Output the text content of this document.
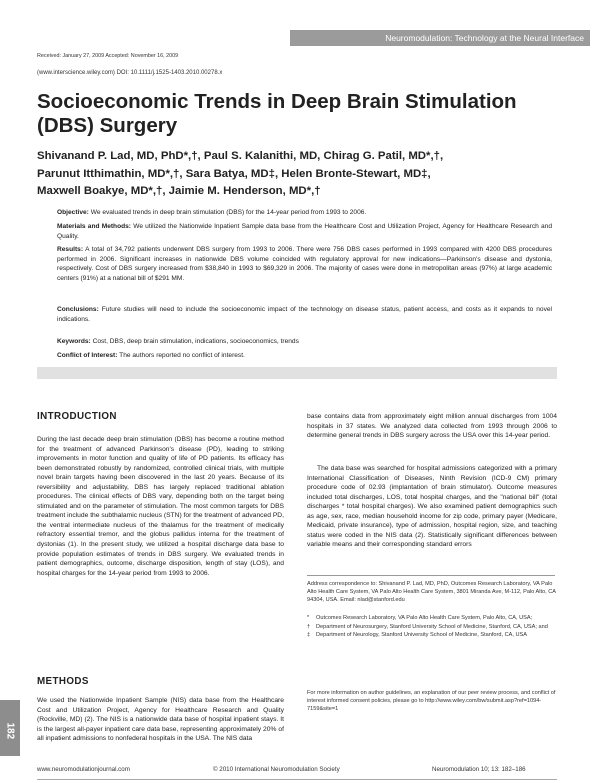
Neuromodulation: Technology at the Neural Interface
Received: January 27, 2009 Accepted: November 16, 2009
(www.interscience.wiley.com) DOI: 10.1111/j.1525-1403.2010.00278.x
Socioeconomic Trends in Deep Brain Stimulation (DBS) Surgery
Shivanand P. Lad, MD, PhD*,†, Paul S. Kalanithi, MD, Chirag G. Patil, MD*,†,
Parunut Itthimathin, MD*,†, Sara Batya, MD‡, Helen Bronte-Stewart, MD‡,
Maxwell Boakye, MD*,†, Jaimie M. Henderson, MD*,†

Objective: We evaluated trends in deep brain stimulation (DBS) for the 14-year period from 1993 to 2006.

Materials and Methods: We utilized the Nationwide Inpatient Sample data base from the Healthcare Cost and Utilization Project, Agency for Healthcare Research and Quality.

Results: A total of 34,792 patients underwent DBS surgery from 1993 to 2006. There were 756 DBS cases performed in 1993 compared with 4200 DBS procedures performed in 2006. Significant increases in nationwide DBS volume coincided with regulatory approval for new indications—Parkinson's disease and dystonia, respectively. Cost of DBS surgery increased from $38,840 in 1993 to $69,329 in 2006. The majority of cases were done in metropolitan areas (97%) at large academic centers (91%) at a national bill of $291 MM.

Conclusions: Future studies will need to include the socioeconomic impact of the technology on disease status, patient access, and costs as it expands to novel indications.

Keywords: Cost, DBS, deep brain stimulation, indications, socioeconomics, trends

Conflict of Interest: The authors reported no conflict of interest.

INTRODUCTION

During the last decade deep brain stimulation (DBS) has become a routine method for the treatment of advanced Parkinson's disease (PD), leading to striking improvements in motor function and quality of life of PD patients. Its efficacy has been demonstrated robustly by randomized, controlled clinical trials, with multiple novel brain targets having been discovered in the last 20 years. Because of its reversibility and adjustability, DBS has largely replaced traditional ablation procedures. The clinical effects of DBS vary, depending both on the target being stimulated and on the parameter of stimulation. The most common targets for DBS treatment include the subthalamic nucleus (STN) for the treatment of advanced PD, the ventral intermediate nucleus of the thalamus for the treatment of medically refractory essential tremor, and the globus pallidus interna for the treatment of dystonias (1). In the present study, we utilized a hospital discharge data base to provide population estimates of trends in DBS surgery. We evaluated trends in patient demographics, outcome, discharge disposition, length of stay (LOS), and hospital charges for the 14-year period from 1993 to 2006.

METHODS

We used the Nationwide Inpatient Sample (NIS) data base from the Healthcare Cost and Utilization Project, Agency for Healthcare Research and Quality (Rockville, MD) (2). The NIS is a nationwide data base of hospital inpatient stays. It is the largest all-payer inpatient care data base, representing approximately 20% of all inpatient admissions to nonfederal hospitals in the USA. The NIS data

base contains data from approximately eight million annual discharges from 1004 hospitals in 37 states. We analyzed data collected from 1993 through 2006 to determine general trends in DBS surgery across the USA over this 14-year period.

The data base was searched for hospital admissions categorized with a primary International Classification of Diseases, Ninth Revision (ICD-9 CM) primary procedure code of 02.93 (implantation of brain stimulator). Outcome measures included total discharges, LOS, total hospital charges, and the "national bill" (total discharges * total hospital charges). We also examined patient demographics such as age, sex, race, median household income for zip code, primary payer (Medicare, Medicaid, private insurance), type of admission, hospital region, size, and teaching status were coded in the NIS data (2). Statistically significant differences between variable means and their corresponding standard errors

Address correspondence to: Shivanand P. Lad, MD, PhD, Outcomes Research Laboratory, VA Palo Alto Health Care System, VA Palo Alto Health Care System, 3801 Miranda Ave, M-112, Palo Alto, CA 94304, USA. Email: nlad@stanford.edu

* Outcomes Research Laboratory, VA Palo Alto Health Care System, Palo Alto, CA, USA;
† Department of Neurosurgery, Stanford University School of Medicine, Stanford, CA, USA; and
‡ Department of Neurology, Stanford University School of Medicine, Stanford, CA, USA

For more information on author guidelines, an explanation of our peer review process, and conflict of interest informed consent policies, please go to http://www.wiley.com/bw/submit.asp?ref=1094-7159&site=1

182
www.neuromodulationjournal.com	© 2010 International Neuromodulation Society	Neuromodulation 10; 13: 182–186
